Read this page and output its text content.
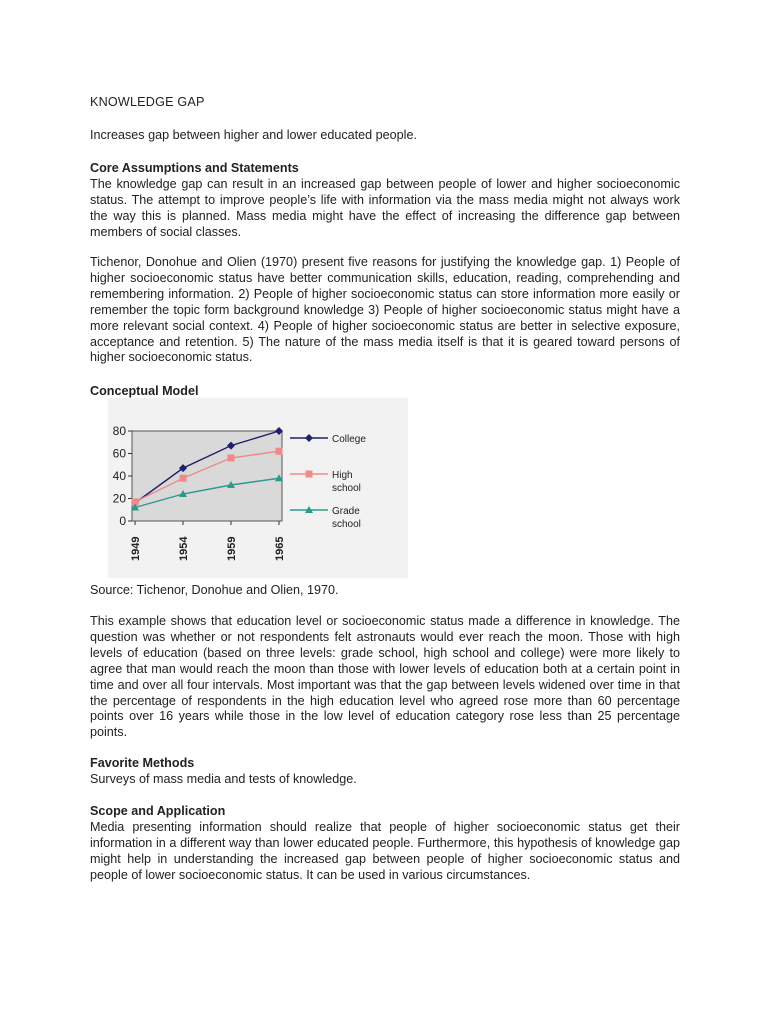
KNOWLEDGE GAP
Increases gap between higher and lower educated people.
Core Assumptions and Statements
The knowledge gap can result in an increased gap between people of lower and higher socioeconomic status. The attempt to improve people’s life with information via the mass media might not always work the way this is planned. Mass media might have the effect of increasing the difference gap between members of social classes.
Tichenor, Donohue and Olien (1970) present five reasons for justifying the knowledge gap. 1) People of higher socioeconomic status have better communication skills, education, reading, comprehending and remembering information. 2) People of higher socioeconomic status can store information more easily or remember the topic form background knowledge 3) People of higher socioeconomic status might have a more relevant social context. 4) People of higher socioeconomic status are better in selective exposure, acceptance and retention. 5) The nature of the mass media itself is that it is geared toward persons of higher socioeconomic status.
Conceptual Model
0
20
40
60
80
1949	1954	1959	1965
College
High
school
Grade
school
Source: Tichenor, Donohue and Olien, 1970.
This example shows that education level or socioeconomic status made a difference in knowledge. The question was whether or not respondents felt astronauts would ever reach the moon. Those with high levels of education (based on three levels: grade school, high school and college) were more likely to agree that man would reach the moon than those with lower levels of education both at a certain point in time and over all four intervals. Most important was that the gap between levels widened over time in that the percentage of respondents in the high education level who agreed rose more than 60 percentage points over 16 years while those in the low level of education category rose less than 25 percentage points.
Favorite Methods
Surveys of mass media and tests of knowledge.
Scope and Application
Media presenting information should realize that people of higher socioeconomic status get their information in a different way than lower educated people. Furthermore, this hypothesis of knowledge gap might help in understanding the increased gap between people of higher socioeconomic status and people of lower socioeconomic status. It can be used in various circumstances.
